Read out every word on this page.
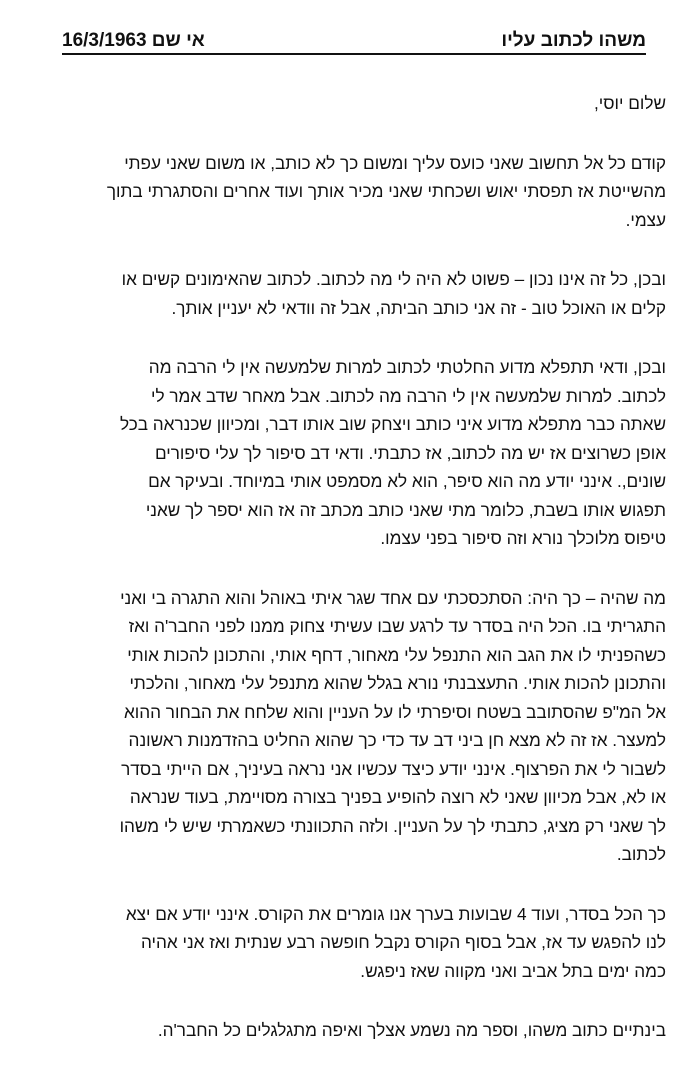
משהו לכתוב עליו
אי שם 16/3/1963
שלום יוסי,
קודם כל אל תחשוב שאני כועס עליך ומשום כך לא כותב, או משום שאני עפתי
מהשייטת אז תפסתי יאוש ושכחתי שאני מכיר אותך ועוד אחרים והסתגרתי בתוך
עצמי.
ובכן, כל זה אינו נכון – פשוט לא היה לי מה לכתוב. לכתוב שהאימונים קשים או
קלים או האוכל טוב - זה אני כותב הביתה, אבל זה וודאי לא יעניין אותך.
ובכן, ודאי תתפלא מדוע החלטתי לכתוב למרות שלמעשה אין לי הרבה מה
לכתוב. למרות שלמעשה אין לי הרבה מה לכתוב. אבל מאחר שדב אמר לי
שאתה כבר מתפלא מדוע איני כותב ויצחק שוב אותו דבר, ומכיוון שכנראה בכל
אופן כשרוצים אז יש מה לכתוב, אז כתבתי. ודאי דב סיפור לך עלי סיפורים
שונים,. אינני יודע מה הוא סיפר, הוא לא מסמפט אותי במיוחד. ובעיקר אם
תפגוש אותו בשבת, כלומר מתי שאני כותב מכתב זה אז הוא יספר לך שאני
טיפוס מלוכלך נורא וזה סיפור בפני עצמו.
מה שהיה – כך היה: הסתכסכתי עם אחד שגר איתי באוהל והוא התגרה בי ואני
התגריתי בו. הכל היה בסדר עד לרגע שבו עשיתי צחוק ממנו לפני החבר'ה ואז
כשהפניתי לו את הגב הוא התנפל עלי מאחור, דחף אותי, והתכונן להכות אותי
והתכונן להכות אותי. התעצבנתי נורא בגלל שהוא מתנפל עלי מאחור, והלכתי
אל המ"פ שהסתובב בשטח וסיפרתי לו על העניין והוא שלחח את הבחור ההוא
למעצר. אז זה לא מצא חן ביני דב עד כדי כך שהוא החליט בהזדמנות ראשונה
לשבור לי את הפרצוף. אינני יודע כיצד עכשיו אני נראה בעיניך, אם הייתי בסדר
או לא, אבל מכיוון שאני לא רוצה להופיע בפניך בצורה מסויימת, בעוד שנראה
לך שאני רק מציג, כתבתי לך על העניין. ולזה התכוונתי כשאמרתי שיש לי משהו
לכתוב.
כך הכל בסדר, ועוד 4 שבועות בערך אנו גומרים את הקורס. אינני יודע אם יצא
לנו להפגש עד אז, אבל בסוף הקורס נקבל חופשה רבע שנתית ואז אני אהיה
כמה ימים בתל אביב ואני מקווה שאז ניפגש.
בינתיים כתוב משהו, וספר מה נשמע אצלך ואיפה מתגלגלים כל החבר'ה.
